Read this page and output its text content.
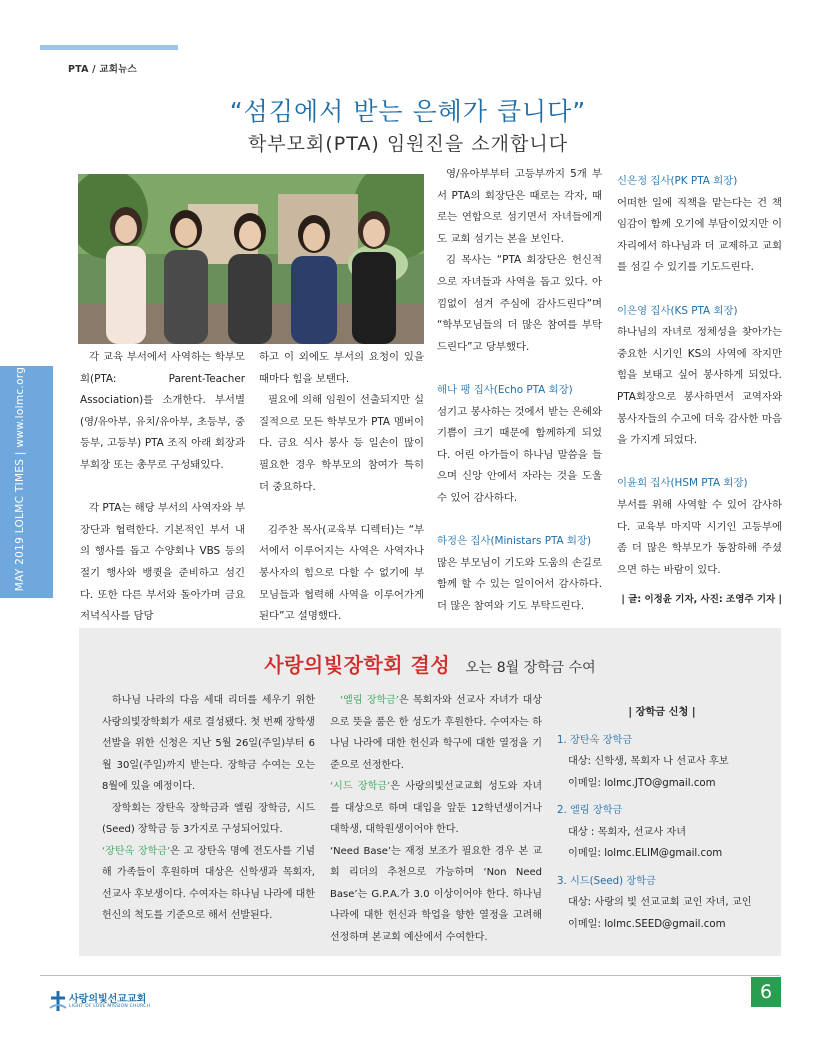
PTA / 교회뉴스
MAY 2019 LOLMC TIMES | www.lolmc.org
“섬김에서 받는 은혜가 큽니다”
학부모회(PTA) 임원진을 소개합니다

각 교육 부서에서 사역하는 학부모회(PTA: Parent-Teacher Association)를 소개한다. 부서별(영/유아부, 유치/유아부, 초등부, 중등부, 고등부) PTA 조직 아래 회장과 부회장 또는 총무로 구성돼있다.

각 PTA는 해당 부서의 사역자와 부장단과 협력한다. 기본적인 부서 내의 행사를 돕고 수양회나 VBS 등의 절기 행사와 뱅큇을 준비하고 섬긴다. 또한 다른 부서와 돌아가며 금요 저녁식사를 담당

하고 이 외에도 부서의 요청이 있을 때마다 힘을 보탠다.

필요에 의해 임원이 선출되지만 실질적으로 모든 학부모가 PTA 멤버이다. 금요 식사 봉사 등 일손이 많이 필요한 경우 학부모의 참여가 특히 더 중요하다.

김주찬 목사(교육부 디렉터)는 “부서에서 이루어지는 사역은 사역자나 봉사자의 힘으로 다할 수 없기에 부모님들과 협력해 사역을 이루어가게 된다”고 설명했다.

영/유아부부터 고등부까지 5개 부서 PTA의 회장단은 때로는 각자, 때로는 연합으로 섬기면서 자녀들에게도 교회 섬기는 본을 보인다.

김 목사는 “PTA 회장단은 헌신적으로 자녀들과 사역을 돕고 있다. 아낌없이 섬겨 주심에 감사드린다”며 “학부모님들의 더 많은 참여를 부탁드린다”고 당부했다.

해나 팽 집사(Echo PTA 회장)

섬기고 봉사하는 것에서 받는 은혜와 기쁨이 크기 때문에 함께하게 되었다. 어린 아가들이 하나님 말씀을 들으며 신앙 안에서 자라는 것을 도울 수 있어 감사하다.

하정은 집사(Ministars PTA 회장)

많은 부모님이 기도와 도움의 손길로 함께 할 수 있는 일이어서 감사하다. 더 많은 참여와 기도 부탁드린다.

신은정 집사(PK PTA 회장)

어떠한 일에 직책을 맡는다는 건 책임감이 함께 오기에 부담이었지만 이 자리에서 하나님과 더 교제하고 교회를 섬길 수 있기를 기도드린다.

이은영 집사(KS PTA 회장)

하나님의 자녀로 정체성을 찾아가는 중요한 시기인 KS의 사역에 작지만 힘을 보태고 싶어 봉사하게 되었다. PTA회장으로 봉사하면서 교역자와 봉사자들의 수고에 더욱 감사한 마음을 가지게 되었다.

이윤희 집사(HSM PTA 회장)

부서를 위해 사역할 수 있어 감사하다. 교육부 마지막 시기인 고등부에 좀 더 많은 학부모가 동참하해 주셨으면 하는 바람이 있다.

| 글: 이정윤 기자, 사진: 조영주 기자 |
사랑의빛장학회 결성 오는 8월 장학금 수여

하나님 나라의 다음 세대 리더를 세우기 위한 사랑의빛장학회가 새로 결성됐다. 첫 번째 장학생 선발을 위한 신청은 지난 5월 26일(주일)부터 6월 30일(주일)까지 받는다. 장학금 수여는 오는 8월에 있을 예정이다.

장학회는 장탄옥 장학금과 엘림 장학금, 시드(Seed) 장학금 등 3가지로 구성되어있다.

‘장탄옥 장학금’은 고 장탄옥 명예 전도사를 기념해 가족들이 후원하며 대상은 신학생과 목회자, 선교사 후보생이다. 수여자는 하나님 나라에 대한 헌신의 척도를 기준으로 해서 선발된다.

‘엘림 장학금’은 목회자와 선교사 자녀가 대상으로 뜻을 품은 한 성도가 후원한다. 수여자는 하나님 나라에 대한 헌신과 학구에 대한 열정을 기준으로 선정한다.

‘시드 장학금’은 사랑의빛선교교회 성도와 자녀를 대상으로 하며 대입을 앞둔 12학년생이거나 대학생, 대학원생이어야 한다.

‘Need Base’는 재정 보조가 필요한 경우 본 교회 리더의 추천으로 가능하며 ‘Non Need Base’는 G.P.A.가 3.0 이상이어야 한다. 하나님 나라에 대한 헌신과 학업을 향한 열정을 고려해 선정하며 본교회 예산에서 수여한다.

| 장학금 신청 |
1. 장탄옥 장학금
대상: 신학생, 목회자 나 선교사 후보
이메일: lolmc.JTO@gmail.com
2. 엘림 장학금
대상 : 목회자, 선교사 자녀
이메일: lolmc.ELIM@gmail.com
3. 시드(Seed) 장학금
대상: 사랑의 빛 선교교회 교인 자녀, 교인
이메일: lolmc.SEED@gmail.com
사랑의빛선교교회
LIGHT OF LOVE MISSION CHURCH
6
